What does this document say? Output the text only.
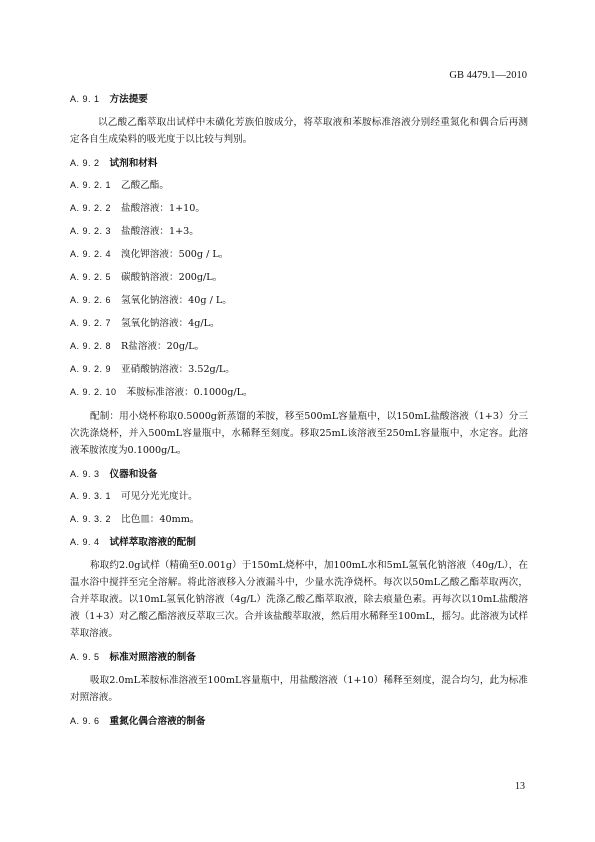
GB 4479.1—2010
A. 9. 1 方法提要
以乙酸乙酯萃取出试样中未磺化芳族伯胺成分，将萃取液和苯胺标准溶液分别经重氮化和偶合后再测定各自生成染料的吸光度于以比较与判别。
A. 9. 2 试剂和材料
A. 9. 2. 1 乙酸乙酯。
A. 9. 2. 2 盐酸溶液：1+10。
A. 9. 2. 3 盐酸溶液：1+3。
A. 9. 2. 4 溴化钾溶液：500g / L。
A. 9. 2. 5 碳酸钠溶液：200g/L。
A. 9. 2. 6 氢氧化钠溶液：40g / L。
A. 9. 2. 7 氢氧化钠溶液：4g/L。
A. 9. 2. 8 R盐溶液：20g/L。
A. 9. 2. 9 亚硝酸钠溶液：3.52g/L。
A. 9. 2. 10 苯胺标准溶液：0.1000g/L。
配制：用小烧杯称取0.5000g新蒸馏的苯胺，移至500mL容量瓶中，以150mL盐酸溶液（1+3）分三次洗涤烧杯，并入500mL容量瓶中，水稀释至刻度。移取25mL该溶液至250mL容量瓶中，水定容。此溶液苯胺浓度为0.1000g/L。
A. 9. 3 仪器和设备
A. 9. 3. 1 可见分光光度计。
A. 9. 3. 2 比色皿：40mm。
A. 9. 4 试样萃取溶液的配制
称取约2.0g试样（精确至0.001g）于150mL烧杯中，加100mL水和5mL氢氧化钠溶液（40g/L），在温水浴中搅拌至完全溶解。将此溶液移入分液漏斗中，少量水洗净烧杯。每次以50mL乙酸乙酯萃取两次，合并萃取液。以10mL氢氧化钠溶液（4g/L）洗涤乙酸乙酯萃取液，除去痕量色素。再每次以10mL盐酸溶液（1+3）对乙酸乙酯溶液反萃取三次。合并该盐酸萃取液，然后用水稀释至100mL，摇匀。此溶液为试样萃取溶液。
A. 9. 5 标准对照溶液的制备
吸取2.0mL苯胺标准溶液至100mL容量瓶中，用盐酸溶液（1+10）稀释至刻度，混合均匀，此为标准对照溶液。
A. 9. 6 重氮化偶合溶液的制备
13
